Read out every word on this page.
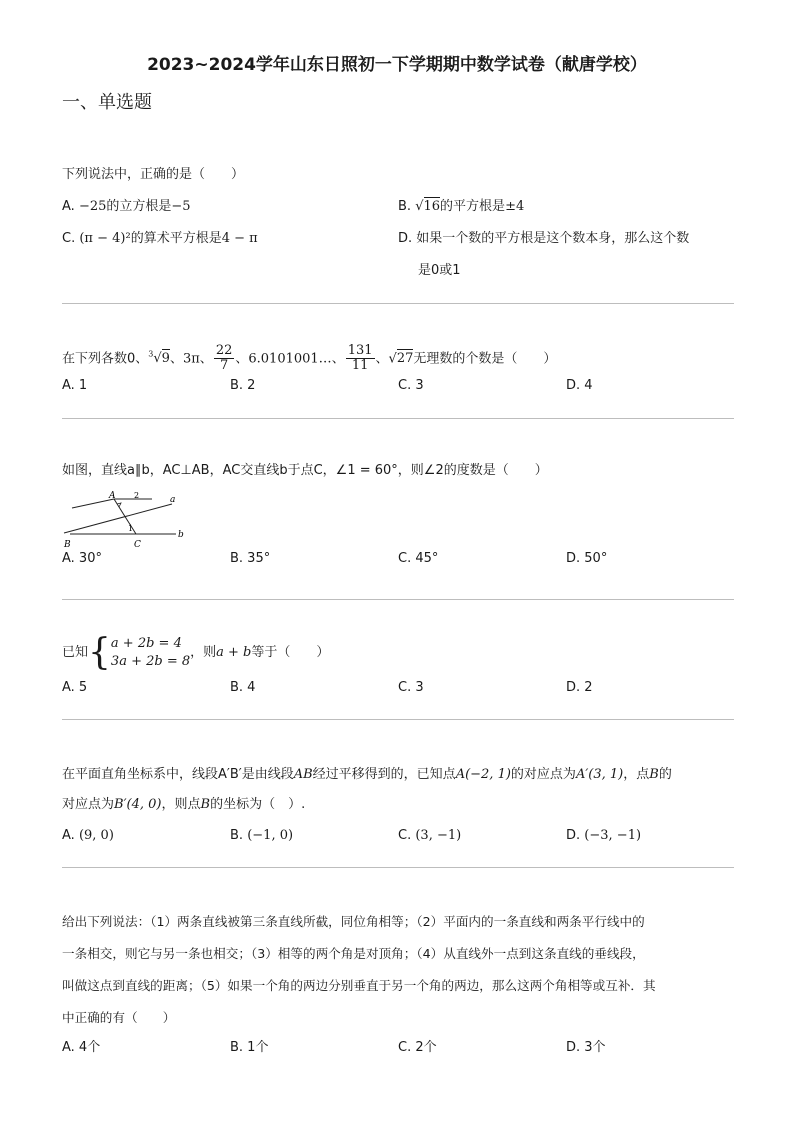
2023~2024学年山东日照初一下学期期中数学试卷（献唐学校）
一、单选题
下列说法中，正确的是（　　）
A. −25的立方根是−5	B. √16的平方根是±4
C. (π − 4)²的算术平方根是4 − π	D. 如果一个数的平方根是这个数本身，那么这个数
是0或1
在下列各数0、$^3$√9、3π、 $\frac{22}{7}$ 、6.0101001…、 $\frac{131}{11}$ 、√27无理数的个数是（　　）
A. 1	B. 2	C. 3	D. 4
如图，直线a∥b，AC⊥AB，AC交直线b于点C，∠1 = 60°，则∠2的度数是（　　）
A
B	C
a
b
1
2
A. 30°	B. 35°	C. 45°	D. 50°
已知 { a + 2b = 4
3a + 2b = 8
，则 a + b 等于（　　）
A. 5	B. 4	C. 3	D. 2
在平面直角坐标系中，线段A′B′是由线段AB经过平移得到的，已知点A(−2, 1)的对应点为A′(3, 1)，点B的
对应点为B′(4, 0)，则点B的坐标为（　）.
A. (9, 0)	B. (−1, 0)	C. (3, −1)	D. (−3, −1)
给出下列说法：（1）两条直线被第三条直线所截，同位角相等；（2）平面内的一条直线和两条平行线中的
一条相交，则它与另一条也相交；（3）相等的两个角是对顶角；（4）从直线外一点到这条直线的垂线段，
叫做这点到直线的距离；（5）如果一个角的两边分别垂直于另一个角的两边，那么这两个角相等或互补．其
中正确的有（　　）
A. 4个	B. 1个	C. 2个	D. 3个
